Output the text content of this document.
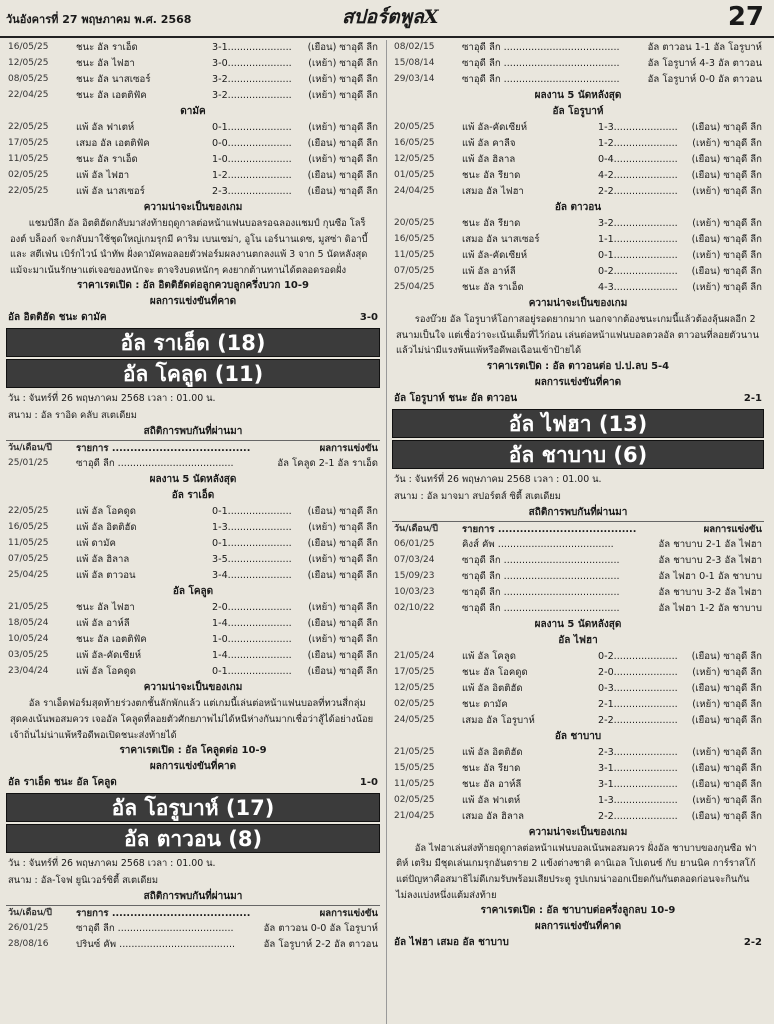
วันอังคารที่ 27 พฤษภาคม พ.ศ. 2568	สปอร์ตพูลX	27
16/05/25	ชนะ อัล ราเอ็ด	3-1..................... (เยือน) ซาอุดี ลีก
12/05/25	ชนะ อัล ไฟฮา	3-0..................... (เหย้า) ซาอุดี ลีก
08/05/25	ชนะ อัล นาสเซอร์	3-2..................... (เหย้า) ซาอุดี ลีก
22/04/25	ชนะ อัล เอตติฟัค	3-2..................... (เหย้า) ซาอุดี ลีก
ดามัค
22/05/25	แพ้ อัล ฟาเตห์	0-1..................... (เหย้า) ซาอุดี ลีก
17/05/25	เสมอ อัล เอตติฟัค	0-0..................... (เยือน) ซาอุดี ลีก
11/05/25	ชนะ อัล ราเอ็ด	1-0..................... (เหย้า) ซาอุดี ลีก
02/05/25	แพ้ อัล ไฟฮา	1-2..................... (เยือน) ซาอุดี ลีก
22/05/25	แพ้ อัล นาสเซอร์	2-3..................... (เยือน) ซาอุดี ลีก
ความน่าจะเป็นของเกม

แชมป์ลีก อัล อิตติฮัดกลับมาส่งท้ายฤดูกาลต่อหน้าแฟนบอลรอฉลองแชมป์ กุนซือ โลร็องต์ บล็องก์ จะกลับมาใช้ชุดใหญ่เกมรุกมี คาริม เบนเซม่า, อูโน เอร์นานเดซ, มูสซ่า ดิอาบี้ และ สตีเฟ่น เบิร์กไวน์ นำทัพ ฝั่งดามัคพอลอยตัวฟอร์มผลงานตกลงแพ้ 3 จาก 5 นัดหลังสุด แม้จะมาเน้นรักษาแต่เจอของหนักจะ ตาจริงบดหนักๆ คงยากต้านทานได้ตลอดรอดฝั่ง

ราคาเรตเปิด : อัล อิตติฮัดต่อลูกควบลูกครึ่งบวก 10-9
ผลการแข่งขันที่คาด
อัล อิตติฮัด ชนะ ดามัค	3-0
อัล ราเอ็ด (18)
อัล โคลูด (11)
วัน : จันทร์ที่ 26 พฤษภาคม 2568 เวลา : 01.00 น.
สนาม : อัล ราอิด คลับ สเตเดียม
สถิติการพบกันที่ผ่านมา
วัน/เดือน/ปี	รายการ ......................................	ผลการแข่งขัน
25/01/25	ซาอุดี ลีก ......................................	อัล โคลูด 2-1 อัล ราเอ็ด
ผลงาน 5 นัดหลังสุด
อัล ราเอ็ด
22/05/25	แพ้ อัล โอคดูด	0-1..................... (เยือน) ซาอุดี ลีก
16/05/25	แพ้ อัล อิตติฮัด	1-3..................... (เหย้า) ซาอุดี ลีก
11/05/25	แพ้ ดามัค	0-1..................... (เยือน) ซาอุดี ลีก
07/05/25	แพ้ อัล ฮิลาล	3-5..................... (เหย้า) ซาอุดี ลีก
25/04/25	แพ้ อัล ตาวอน	3-4..................... (เยือน) ซาอุดี ลีก
อัล โคลูด
21/05/25	ชนะ อัล ไฟฮา	2-0..................... (เหย้า) ซาอุดี ลีก
18/05/24	แพ้ อัล อาห์ลี	1-4..................... (เยือน) ซาอุดี ลีก
10/05/24	ชนะ อัล เอตติฟัค	1-0..................... (เหย้า) ซาอุดี ลีก
03/05/25	แพ้ อัล-คัดเซียห์	1-4..................... (เยือน) ซาอุดี ลีก
23/04/24	แพ้ อัล โอคดูด	0-1..................... (เยือน) ซาอุดี ลีก
ความน่าจะเป็นของเกม

อัล ราเอ็ดฟอร์มสุดท้ายร่วงตกชั้นลักพักแล้ว แต่เกมนี้เล่นต่อหน้าแฟนบอลที่ทวนสี่กลุ่มสุดคงเน้นพอสมควร เจออัล โคลูดที่ลอยตัวศักยภาพไม่ได้หนีห่างกันมากเชื่อว่าสู้ได้อย่างน้อยเจ้าถิ่นไม่น่าแพ้หรือดีพอเปิดชนะส่งท้ายได้

ราคาเรตเปิด : อัล โคลูดต่อ 10-9
ผลการแข่งขันที่คาด
อัล ราเอ็ด ชนะ อัล โคลูด	1-0
อัล โอรูบาห์ (17)
อัล ตาวอน (8)
วัน : จันทร์ที่ 26 พฤษภาคม 2568 เวลา : 01.00 น.
สนาม : อัล-โจฟ ยูนิเวอร์ซิตี้ สเตเดียม
สถิติการพบกันที่ผ่านมา
วัน/เดือน/ปี	รายการ ......................................	ผลการแข่งขัน
26/01/25	ซาอุดี ลีก ......................................	อัล ตาวอน 0-0 อัล โอรูบาห์
28/08/16	ปรินซ์ คัพ ......................................	อัล โอรูบาห์ 2-2 อัล ตาวอน
08/02/15	ซาอุดี ลีก ......................................	อัล ตาวอน 1-1 อัล โอรูบาห์
15/08/14	ซาอุดี ลีก ......................................	อัล โอรูบาห์ 4-3 อัล ตาวอน
29/03/14	ซาอุดี ลีก ......................................	อัล โอรูบาห์ 0-0 อัล ตาวอน
ผลงาน 5 นัดหลังสุด
อัล โอรูบาห์
20/05/25	แพ้ อัล-คัดเซียห์	1-3..................... (เยือน) ซาอุดี ลีก
16/05/25	แพ้ อัล คาลีจ	1-2..................... (เหย้า) ซาอุดี ลีก
12/05/25	แพ้ อัล ฮิลาล	0-4..................... (เยือน) ซาอุดี ลีก
01/05/25	ชนะ อัล รียาด	4-2..................... (เยือน) ซาอุดี ลีก
24/04/25	เสมอ อัล ไฟฮา	2-2..................... (เหย้า) ซาอุดี ลีก
อัล ตาวอน
20/05/25	ชนะ อัล รียาด	3-2..................... (เหย้า) ซาอุดี ลีก
16/05/25	เสมอ อัล นาสเซอร์	1-1..................... (เยือน) ซาอุดี ลีก
11/05/25	แพ้ อัล-คัดเซียห์	0-1..................... (เหย้า) ซาอุดี ลีก
07/05/25	แพ้ อัล อาห์ลี	0-2..................... (เยือน) ซาอุดี ลีก
25/04/25	ชนะ อัล ราเอ็ด	4-3..................... (เหย้า) ซาอุดี ลีก
ความน่าจะเป็นของเกม

รองบ๊วย อัล โอรูบาห์โอกาสอยู่รอดยากมาก นอกจากต้องชนะเกมนี้แล้วต้องลุ้นผลอีก 2 สนามเป็นใจ แต่เชื่อว่าจะเน้นเต็มที่ไว้ก่อน เล่นต่อหน้าแฟนบอลตวลอัล ตาวอนที่ลอยตัวนานแล้วไม่น่ามีแรงพ้นแพ้หรือดีพอเฉือนเข้าป้ายได้

ราคาเรตเปิด : อัล ตาวอนต่อ ป.ป.ลบ 5-4
ผลการแข่งขันที่คาด
อัล โอรูบาห์ ชนะ อัล ตาวอน	2-1
อัล ไฟฮา (13)
อัล ชาบาบ (6)
วัน : จันทร์ที่ 26 พฤษภาคม 2568 เวลา : 01.00 น.
สนาม : อัล มาจมา สปอร์ตส์ ซิตี้ สเตเดียม
สถิติการพบกันที่ผ่านมา
วัน/เดือน/ปี	รายการ ......................................	ผลการแข่งขัน
06/01/25	คิงส์ คัพ ......................................	อัล ชาบาบ 2-1 อัล ไฟฮา
07/03/24	ซาอุดี ลีก ......................................	อัล ชาบาบ 2-3 อัล ไฟฮา
15/09/23	ซาอุดี ลีก ......................................	อัล ไฟฮา 0-1 อัล ชาบาบ
10/03/23	ซาอุดี ลีก ......................................	อัล ชาบาบ 3-2 อัล ไฟฮา
02/10/22	ซาอุดี ลีก ......................................	อัล ไฟฮา 1-2 อัล ชาบาบ
ผลงาน 5 นัดหลังสุด
อัล ไฟฮา
21/05/24	แพ้ อัล โคลูด	0-2..................... (เยือน) ซาอุดี ลีก
17/05/25	ชนะ อัล โอคดูด	2-0..................... (เหย้า) ซาอุดี ลีก
12/05/25	แพ้ อัล อิตติฮัด	0-3..................... (เยือน) ซาอุดี ลีก
02/05/25	ชนะ ดามัค	2-1..................... (เหย้า) ซาอุดี ลีก
24/05/25	เสมอ อัล โอรูบาห์	2-2..................... (เยือน) ซาอุดี ลีก
อัล ชาบาบ
21/05/25	แพ้ อัล อิตติฮัด	2-3..................... (เหย้า) ซาอุดี ลีก
15/05/25	ชนะ อัล รียาด	3-1..................... (เยือน) ซาอุดี ลีก
11/05/25	ชนะ อัล อาห์ลี	3-1..................... (เยือน) ซาอุดี ลีก
02/05/25	แพ้ อัล ฟาเตห์	1-3..................... (เหย้า) ซาอุดี ลีก
21/04/25	เสมอ อัล ฮิลาล	2-2..................... (เยือน) ซาอุดี ลีก
ความน่าจะเป็นของเกม

อัล ไฟฮาเล่นส่งท้ายฤดูกาลต่อหน้าแฟนบอลเน้นพอสมควร ฝั่งอัล ชาบาบของกุนซือ ฟาติห์ เตริม มีชุดเล่นเกมรุกอันตราย 2 แข้งต่างชาติ ดานิเอล โปเดนซ์ กับ ยานนิค การ์ราสโก้ แต่ปัญหาคือสมาธิไม่ดีเกมรับพร้อมเสียประตู รูปเกมน่าออกเบียดกันกันตลอดก่อนจะกินกันไม่ลงแบ่งหนึ่งแต้มส่งท้าย

ราคาเรตเปิด : อัล ชาบาบต่อครึ่งลูกลบ 10-9
ผลการแข่งขันที่คาด
อัล ไฟฮา เสมอ อัล ชาบาบ	2-2
